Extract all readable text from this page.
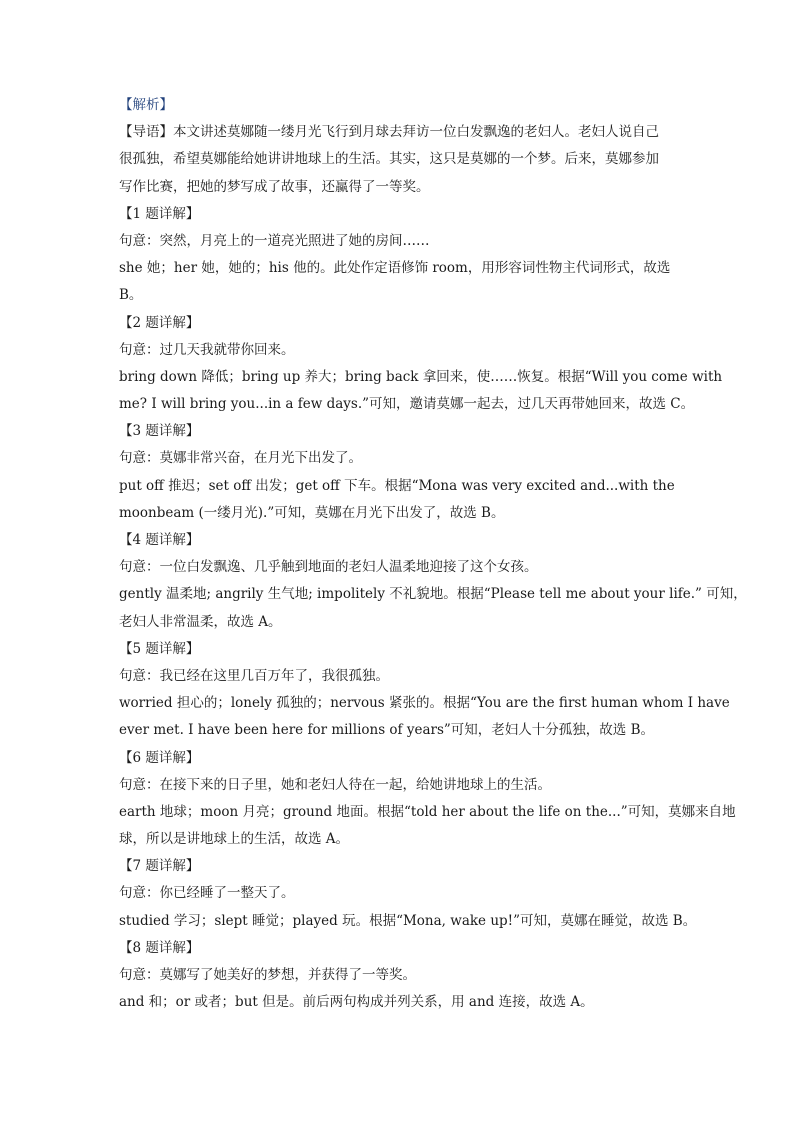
【解析】
【导语】本文讲述莫娜随一缕月光飞行到月球去拜访一位白发飘逸的老妇人。老妇人说自己
很孤独，希望莫娜能给她讲讲地球上的生活。其实，这只是莫娜的一个梦。后来，莫娜参加
写作比赛，把她的梦写成了故事，还赢得了一等奖。
【1 题详解】
句意：突然，月亮上的一道亮光照进了她的房间……
she 她；her 她，她的；his 他的。此处作定语修饰 room，用形容词性物主代词形式，故选
B。
【2 题详解】
句意：过几天我就带你回来。
bring down 降低；bring up 养大；bring back 拿回来，使……恢复。根据“Will you come with
me? I will bring you...in a few days.”可知，邀请莫娜一起去，过几天再带她回来，故选 C。
【3 题详解】
句意：莫娜非常兴奋，在月光下出发了。
put off 推迟；set off 出发；get off 下车。根据“Mona was very excited and...with the
moonbeam (一缕月光).”可知，莫娜在月光下出发了，故选 B。
【4 题详解】
句意：一位白发飘逸、几乎触到地面的老妇人温柔地迎接了这个女孩。
gently 温柔地; angrily 生气地; impolitely 不礼貌地。根据“Please tell me about your life.” 可知，
老妇人非常温柔，故选 A。
【5 题详解】
句意：我已经在这里几百万年了，我很孤独。
worried 担心的；lonely 孤独的；nervous 紧张的。根据“You are the first human whom I have
ever met. I have been here for millions of years”可知，老妇人十分孤独，故选 B。
【6 题详解】
句意：在接下来的日子里，她和老妇人待在一起，给她讲地球上的生活。
earth 地球；moon 月亮；ground 地面。根据“told her about the life on the...”可知，莫娜来自地
球，所以是讲地球上的生活，故选 A。
【7 题详解】
句意：你已经睡了一整天了。
studied 学习；slept 睡觉；played 玩。根据“Mona, wake up!”可知，莫娜在睡觉，故选 B。
【8 题详解】
句意：莫娜写了她美好的梦想，并获得了一等奖。
and 和；or 或者；but 但是。前后两句构成并列关系，用 and 连接，故选 A。
